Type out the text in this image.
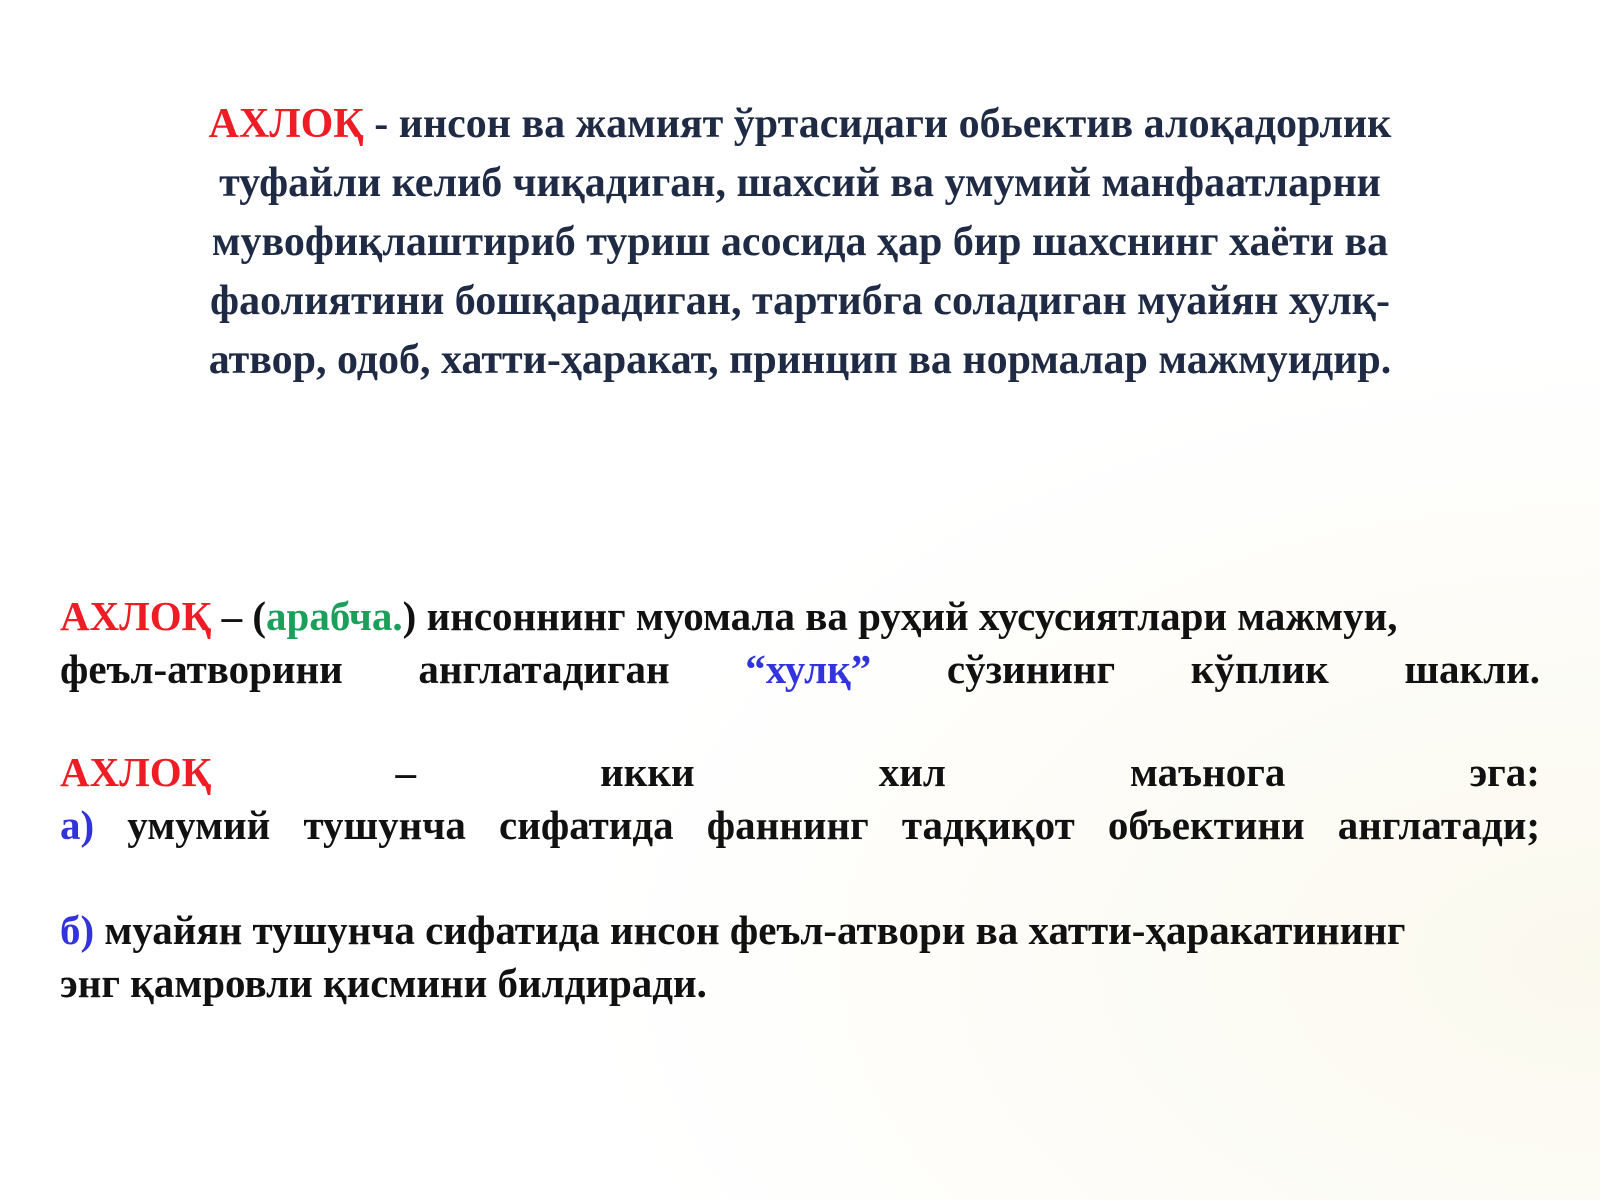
АХЛОҚ - инсон ва жамият ўртасидаги обьектив алоқадорлик
туфайли келиб чиқадиган, шахсий ва умумий манфаатларни
мувофиқлаштириб туриш асосида ҳар бир шахснинг хаёти ва
фаолиятини бошқарадиган, тартибга соладиган муайян хулқ-
атвор, одоб, хатти-ҳаракат, принцип ва нормалар мажмуидир.

АХЛОҚ – (арабча.) инсоннинг муомала ва руҳий хусусиятлари мажмуи,
феъл-атворини англатадиган “хулқ” сўзининг кўплик шакли.
АХЛОҚ	–	икки	хил	маънога	эга:
а) умумий тушунча сифатида фаннинг тадқиқот объектини англатади;
б) муайян тушунча сифатида инсон феъл-атвори ва хатти-ҳаракатининг
энг қамровли қисмини билдиради.
